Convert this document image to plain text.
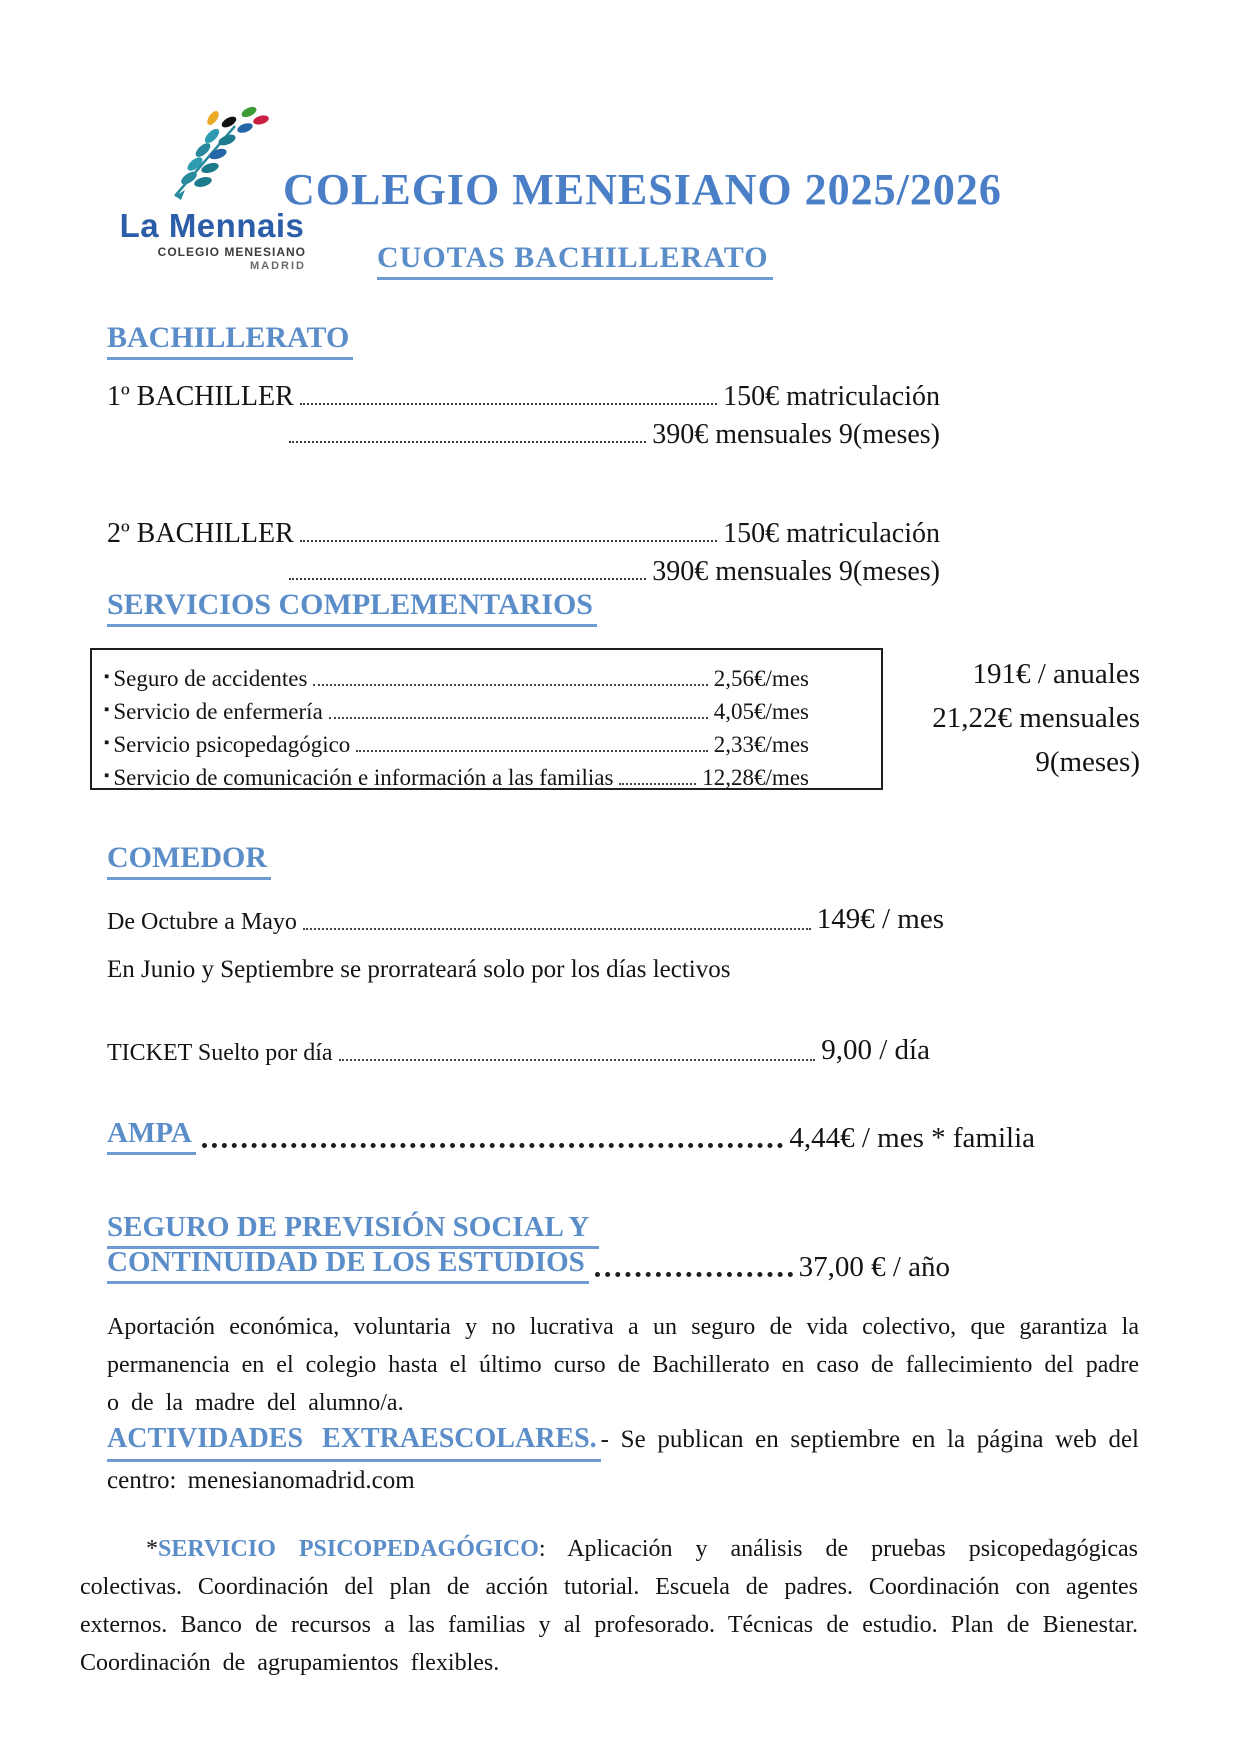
La Mennais
COLEGIO MENESIANO
MADRID
COLEGIO MENESIANO 2025/2026
CUOTAS BACHILLERATO
BACHILLERATO
1º BACHILLER	150€ matriculación
390€ mensuales 9(meses)
2º BACHILLER	150€ matriculación
390€ mensuales 9(meses)
SERVICIOS COMPLEMENTARIOS
▪ Seguro de accidentes	2,56€/mes
▪ Servicio de enfermería	4,05€/mes
▪ Servicio psicopedagógico	2,33€/mes
▪ Servicio de comunicación e información a las familias	12,28€/mes
191€ / anuales
21,22€ mensuales
9(meses)
COMEDOR
De Octubre a Mayo	149€ / mes
En Junio y Septiembre se prorrateará solo por los días lectivos
TICKET Suelto por día	9,00 / día
AMPA	4,44€ / mes * familia
SEGURO DE PREVISIÓN SOCIAL Y
CONTINUIDAD DE LOS ESTUDIOS	37,00 € / año
Aportación económica, voluntaria y no lucrativa a un seguro de vida colectivo, que garantiza la permanencia en el colegio hasta el último curso de Bachillerato en caso de fallecimiento del padre o de la madre del alumno/a.
ACTIVIDADES EXTRAESCOLARES. - Se publican en septiembre en la página web del centro: menesianomadrid.com
*SERVICIO PSICOPEDAGÓGICO: Aplicación y análisis de pruebas psicopedagógicas colectivas. Coordinación del plan de acción tutorial. Escuela de padres. Coordinación con agentes externos. Banco de recursos a las familias y al profesorado. Técnicas de estudio. Plan de Bienestar. Coordinación de agrupamientos flexibles.
